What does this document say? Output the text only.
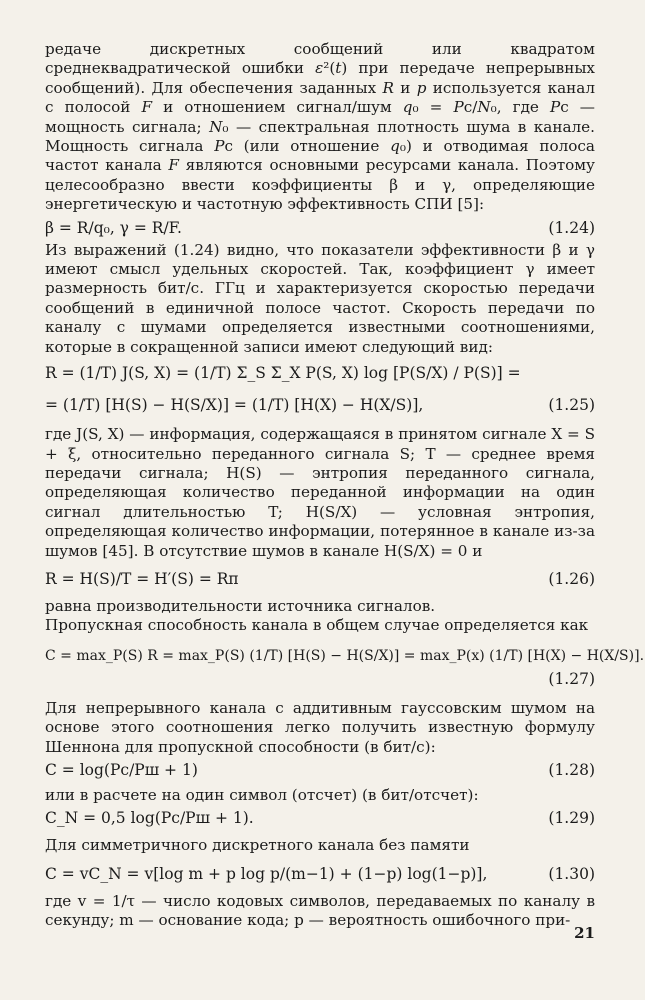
редаче дискретных сообщений или квадратом среднеквадратической ошибки ε²(t) при передаче непрерывных сообщений). Для обеспечения заданных R и p используется канал с полосой F и отношением сигнал/шум q₀ = Pс/N₀, где Pс — мощность сигнала; N₀ — спектральная плотность шума в канале. Мощность сигнала Pс (или отношение q₀) и отводимая полоса частот канала F являются основными ресурсами канала. Поэтому целесообразно ввести коэффициенты β и γ, определяющие энергетическую и частотную эффективность СПИ [5]:

β = R/q₀, γ = R/F.	(1.24)

Из выражений (1.24) видно, что показатели эффективности β и γ имеют смысл удельных скоростей. Так, коэффициент γ имеет размерность бит/с. ГГц и характеризуется скоростью передачи сообщений в единичной полосе частот. Скорость передачи по каналу с шумами определяется известными соотношениями, которые в сокращенной записи имеют следующий вид:

R = (1/T) J(S, X) = (1/T) Σ_S Σ_X P(S, X) log [P(S/X) / P(S)] =
= (1/T) [H(S) − H(S/X)] = (1/T) [H(X) − H(X/S)],	(1.25)

где J(S, X) — информация, содержащаяся в принятом сигнале X = S + ξ, относительно переданного сигнала S; T — среднее время передачи сигнала; H(S) — энтропия переданного сигнала, определяющая количество переданной информации на один сигнал длительностью T; H(S/X) — условная энтропия, определяющая количество информации, потерянное в канале из-за шумов [45]. В отсутствие шумов в канале H(S/X) = 0 и

R = H(S)/T = H′(S) = Rп	(1.26)

равна производительности источника сигналов.

Пропускная способность канала в общем случае определяется как

C = max_P(S) R = max_P(S) (1/T) [H(S) − H(S/X)] = max_P(x) (1/T) [H(X) − H(X/S)].
(1.27)

Для непрерывного канала с аддитивным гауссовским шумом на основе этого соотношения легко получить известную формулу Шеннона для пропускной способности (в бит/с):

C = log(Pс/Pш + 1)	(1.28)

или в расчете на один символ (отсчет) (в бит/отсчет):

C_N = 0,5 log(Pс/Pш + 1).	(1.29)

Для симметричного дискретного канала без памяти

C = vC_N = v[log m + p log p/(m−1) + (1−p) log(1−p)],	(1.30)

где v = 1/τ — число кодовых символов, передаваемых по каналу в секунду; m — основание кода; p — вероятность ошибочного при-

21
